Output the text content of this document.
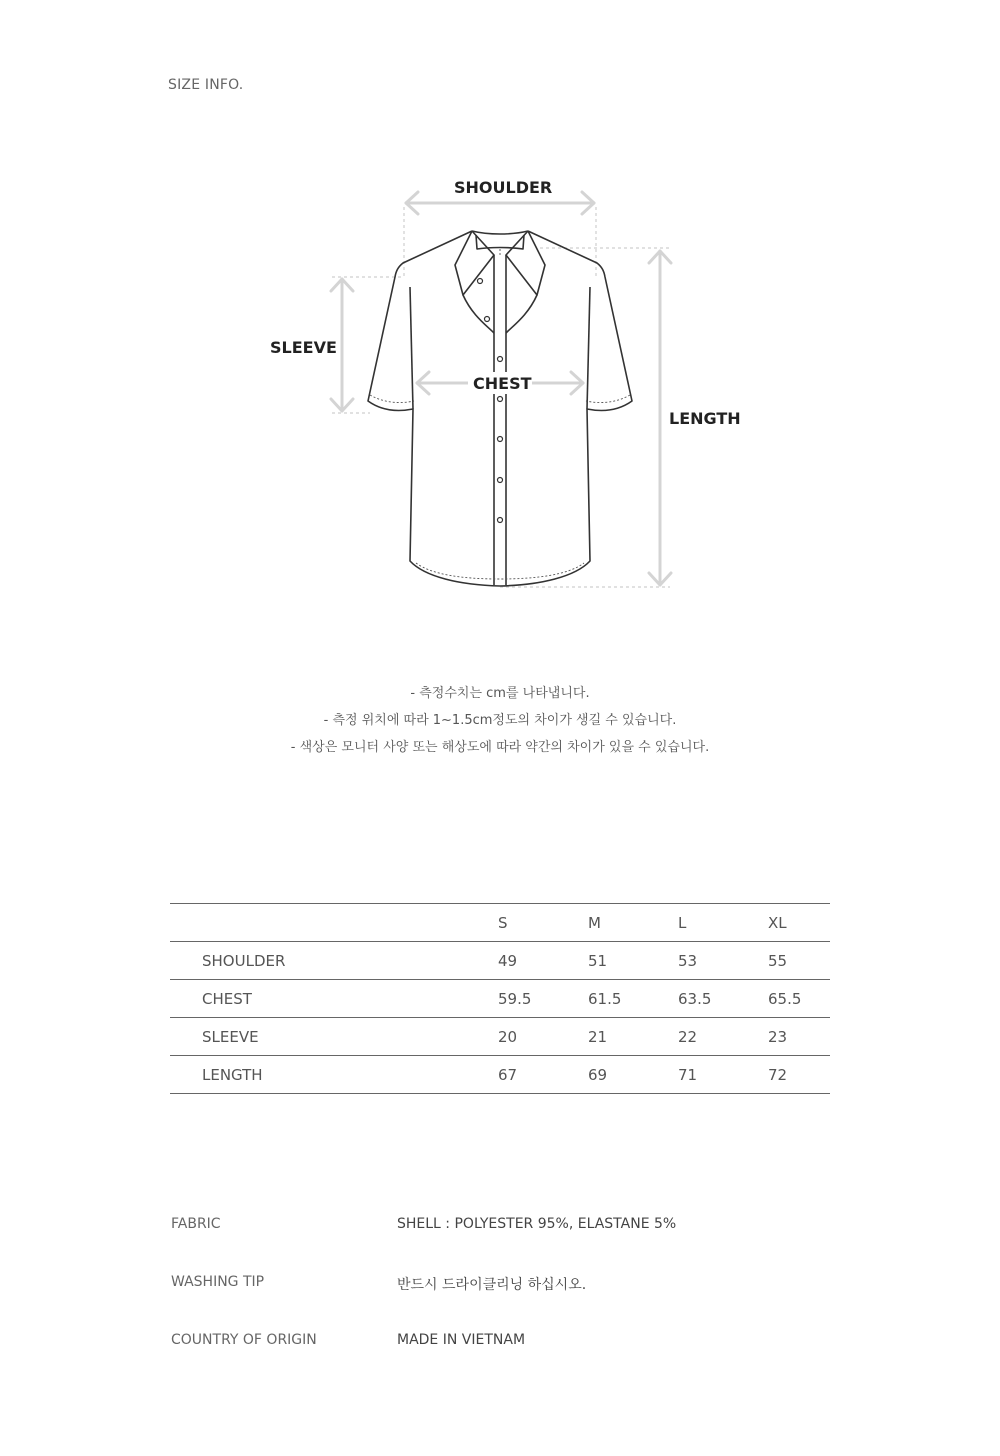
SIZE INFO.
SHOULDER
SLEEVE
CHEST
LENGTH
- 측정수치는 cm를 나타냅니다.
- 측정 위치에 따라 1~1.5cm정도의 차이가 생길 수 있습니다.
- 색상은 모니터 사양 또는 해상도에 따라 약간의 차이가 있을 수 있습니다.
	S	M	L	XL
SHOULDER	49	51	53	55
CHEST	59.5	61.5	63.5	65.5
SLEEVE	20	21	22	23
LENGTH	67	69	71	72
FABRIC	SHELL : POLYESTER 95%, ELASTANE 5%
WASHING TIP	반드시 드라이클리닝 하십시오.
COUNTRY OF ORIGIN	MADE IN VIETNAM
